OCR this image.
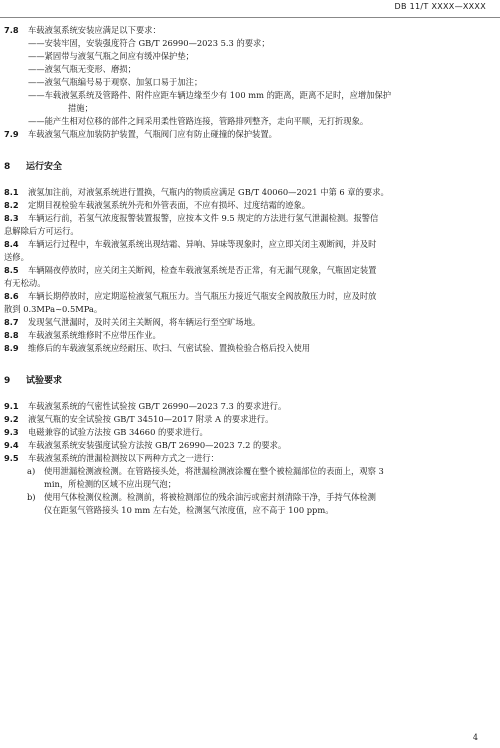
DB 11/T XXXX—XXXX
7.8	车载液氢系统安装应满足以下要求：
——安装牢固，安装强度符合 GB/T 26990—2023 5.3 的要求；
——紧固带与液氢气瓶之间应有缓冲保护垫；
——液氢气瓶无变形、磨损；
——液氢气瓶编号易于观察、加氢口易于加注；
——车载液氢系统及管路件、附件应距车辆边缘至少有 100 mm 的距离，距离不足时，应增加保护
措施；
——能产生相对位移的部件之间采用柔性管路连接，管路排列整齐，走向平顺，无打折现象。
7.9	车载液氢气瓶应加装防护装置，气瓶阀门应有防止碰撞的保护装置。
8 运行安全
8.1	液氢加注前，对液氢系统进行置换，气瓶内的物质应满足 GB/T 40060—2021 中第 6 章的要求。
8.2	定期目视检验车载液氢系统外壳和外管表面，不应有损坏、过度结霜的迹象。
8.3	车辆运行前，若氢气浓度报警装置报警，应按本文件 9.5 规定的方法进行氢气泄漏检测。报警信
息解除后方可运行。
8.4	车辆运行过程中，车载液氢系统出现结霜、异响、异味等现象时，应立即关闭主观断阀，并及时
送修。
8.5	车辆隔夜停放时，应关闭主关断阀，检查车载液氢系统是否正常，有无漏气现象，气瓶固定装置
有无松动。
8.6	车辆长期停放时，应定期巡检液氢气瓶压力。当气瓶压力接近气瓶安全阀放散压力时，应及时放
散到 0.3MPa~0.5MPa。
8.7	发现氢气泄漏时，及时关闭主关断阀，将车辆运行至空旷场地。
8.8	车载液氢系统维修时不应带压作业。
8.9	维修后的车载液氢系统应经耐压、吹扫、气密试验、置换检验合格后投入使用
9 试验要求
9.1	车载液氢系统的气密性试验按 GB/T 26990—2023 7.3 的要求进行。
9.2	液氢气瓶的安全试验按 GB/T 34510—2017 附录 A 的要求进行。
9.3	电磁兼容的试验方法按 GB 34660 的要求进行。
9.4	车载液氢系统安装强度试验方法按 GB/T 26990—2023 7.2 的要求。
9.5	车载液氢系统的泄漏检测按以下两种方式之一进行：
a) 使用泄漏检测液检测。在管路接头处，将泄漏检测液涂覆在整个被检漏部位的表面上，观察 3
min，所检测的区域不应出现气泡；
b) 使用气体检测仪检测。检测前，将被检测部位的残余油污或密封剂清除干净，手持气体检测
仪在距氢气管路接头 10 mm 左右处，检测氢气浓度值，应不高于 100 ppm。
4
